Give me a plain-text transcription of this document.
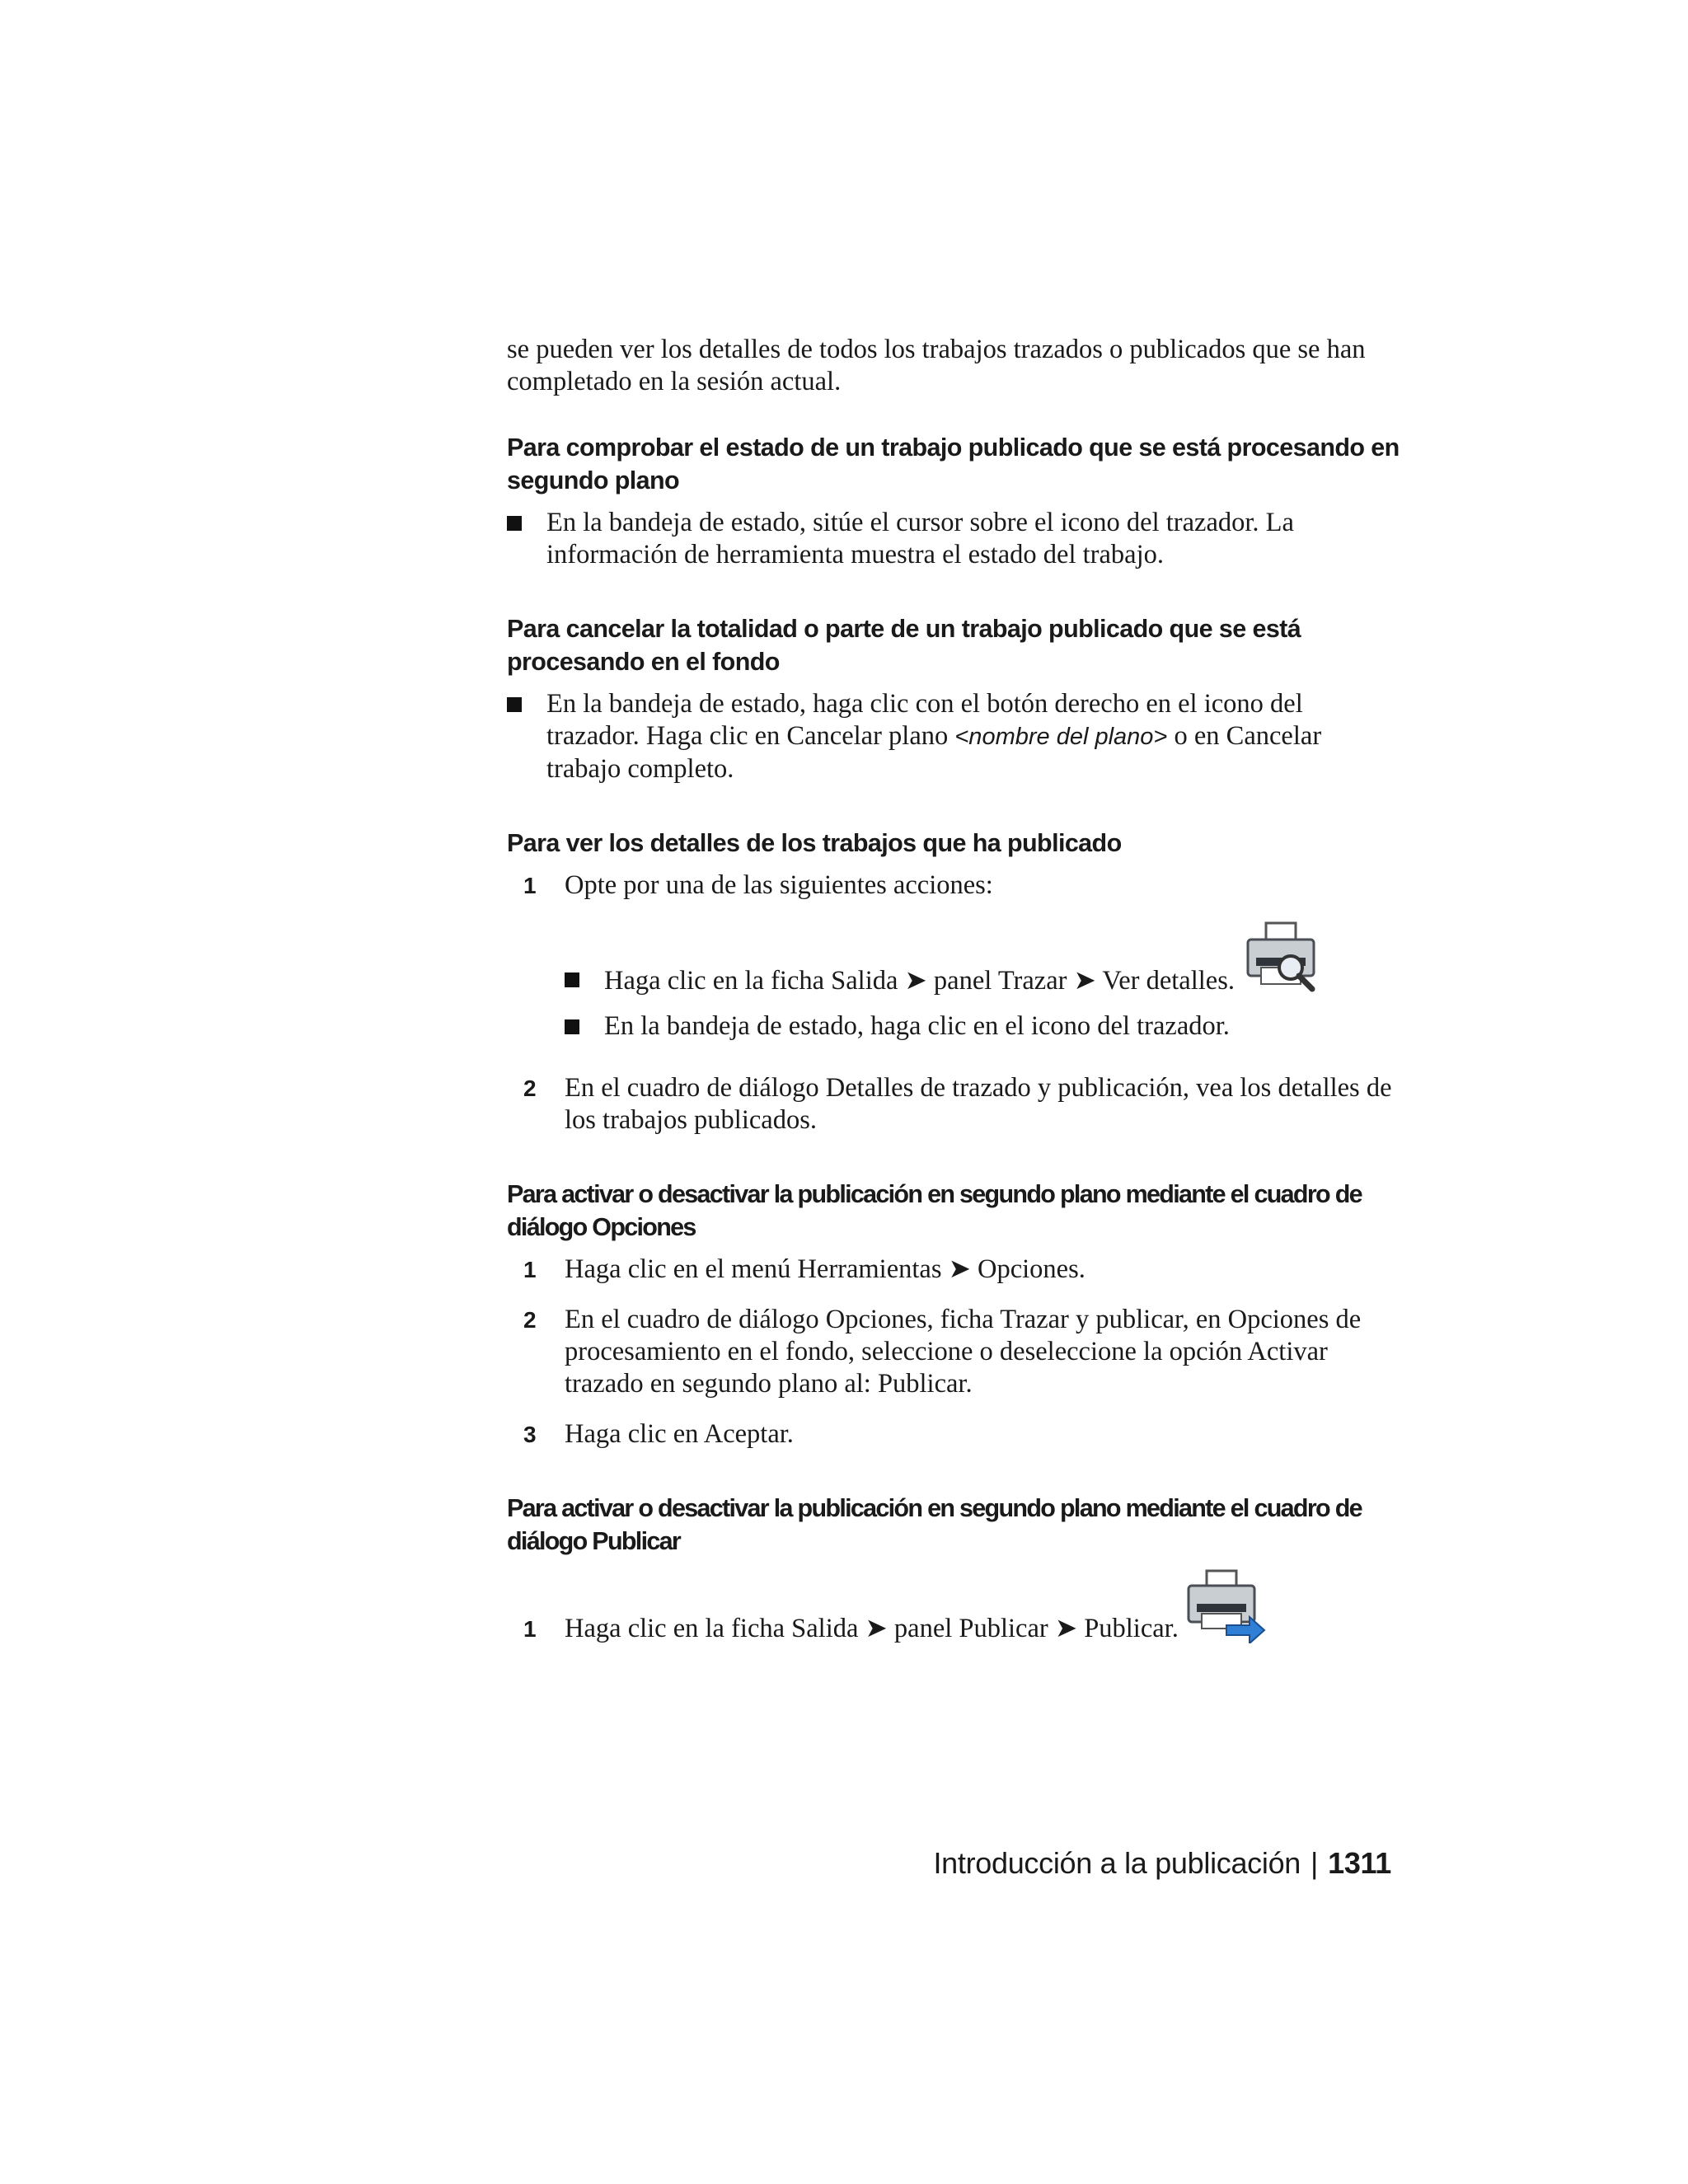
se pueden ver los detalles de todos los trabajos trazados o publicados que se han completado en la sesión actual.

Para comprobar el estado de un trabajo publicado que se está procesando en segundo plano

En la bandeja de estado, sitúe el cursor sobre el icono del trazador. La información de herramienta muestra el estado del trabajo.

Para cancelar la totalidad o parte de un trabajo publicado que se está procesando en el fondo

En la bandeja de estado, haga clic con el botón derecho en el icono del trazador. Haga clic en Cancelar plano <nombre del plano> o en Cancelar trabajo completo.

Para ver los detalles de los trabajos que ha publicado

1	Opte por una de las siguientes acciones:

Haga clic en la ficha Salida ➤ panel Trazar ➤ Ver detalles.

En la bandeja de estado, haga clic en el icono del trazador.

2	En el cuadro de diálogo Detalles de trazado y publicación, vea los detalles de los trabajos publicados.

Para activar o desactivar la publicación en segundo plano mediante el cuadro de diálogo Opciones

1	Haga clic en el menú Herramientas ➤ Opciones.

2	En el cuadro de diálogo Opciones, ficha Trazar y publicar, en Opciones de procesamiento en el fondo, seleccione o deseleccione la opción Activar trazado en segundo plano al: Publicar.

3	Haga clic en Aceptar.

Para activar o desactivar la publicación en segundo plano mediante el cuadro de diálogo Publicar

1	Haga clic en la ficha Salida ➤ panel Publicar ➤ Publicar.

Introducción a la publicación | 1311
